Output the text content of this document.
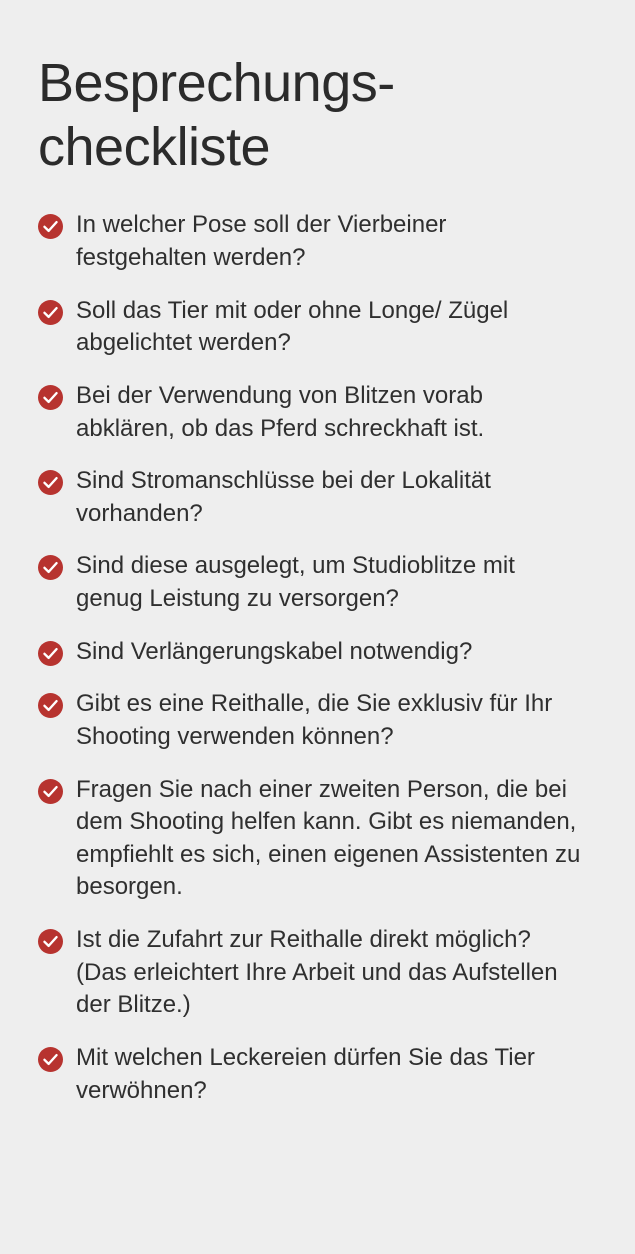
Besprechungs- checkliste
In welcher Pose soll der Vierbeiner festgehalten werden?
Soll das Tier mit oder ohne Longe/ Zügel abgelichtet werden?
Bei der Verwendung von Blitzen vorab abklären, ob das Pferd schreckhaft ist.
Sind Stromanschlüsse bei der Lokalität vorhanden?
Sind diese ausgelegt, um Studioblitze mit genug Leistung zu versorgen?
Sind Verlängerungskabel notwendig?
Gibt es eine Reithalle, die Sie exklusiv für Ihr Shooting verwenden können?
Fragen Sie nach einer zweiten Person, die bei dem Shooting helfen kann. Gibt es niemanden, empfiehlt es sich, einen eigenen Assistenten zu besorgen.
Ist die Zufahrt zur Reithalle direkt möglich? (Das erleichtert Ihre Arbeit und das Aufstellen der Blitze.)
Mit welchen Leckereien dürfen Sie das Tier verwöhnen?
